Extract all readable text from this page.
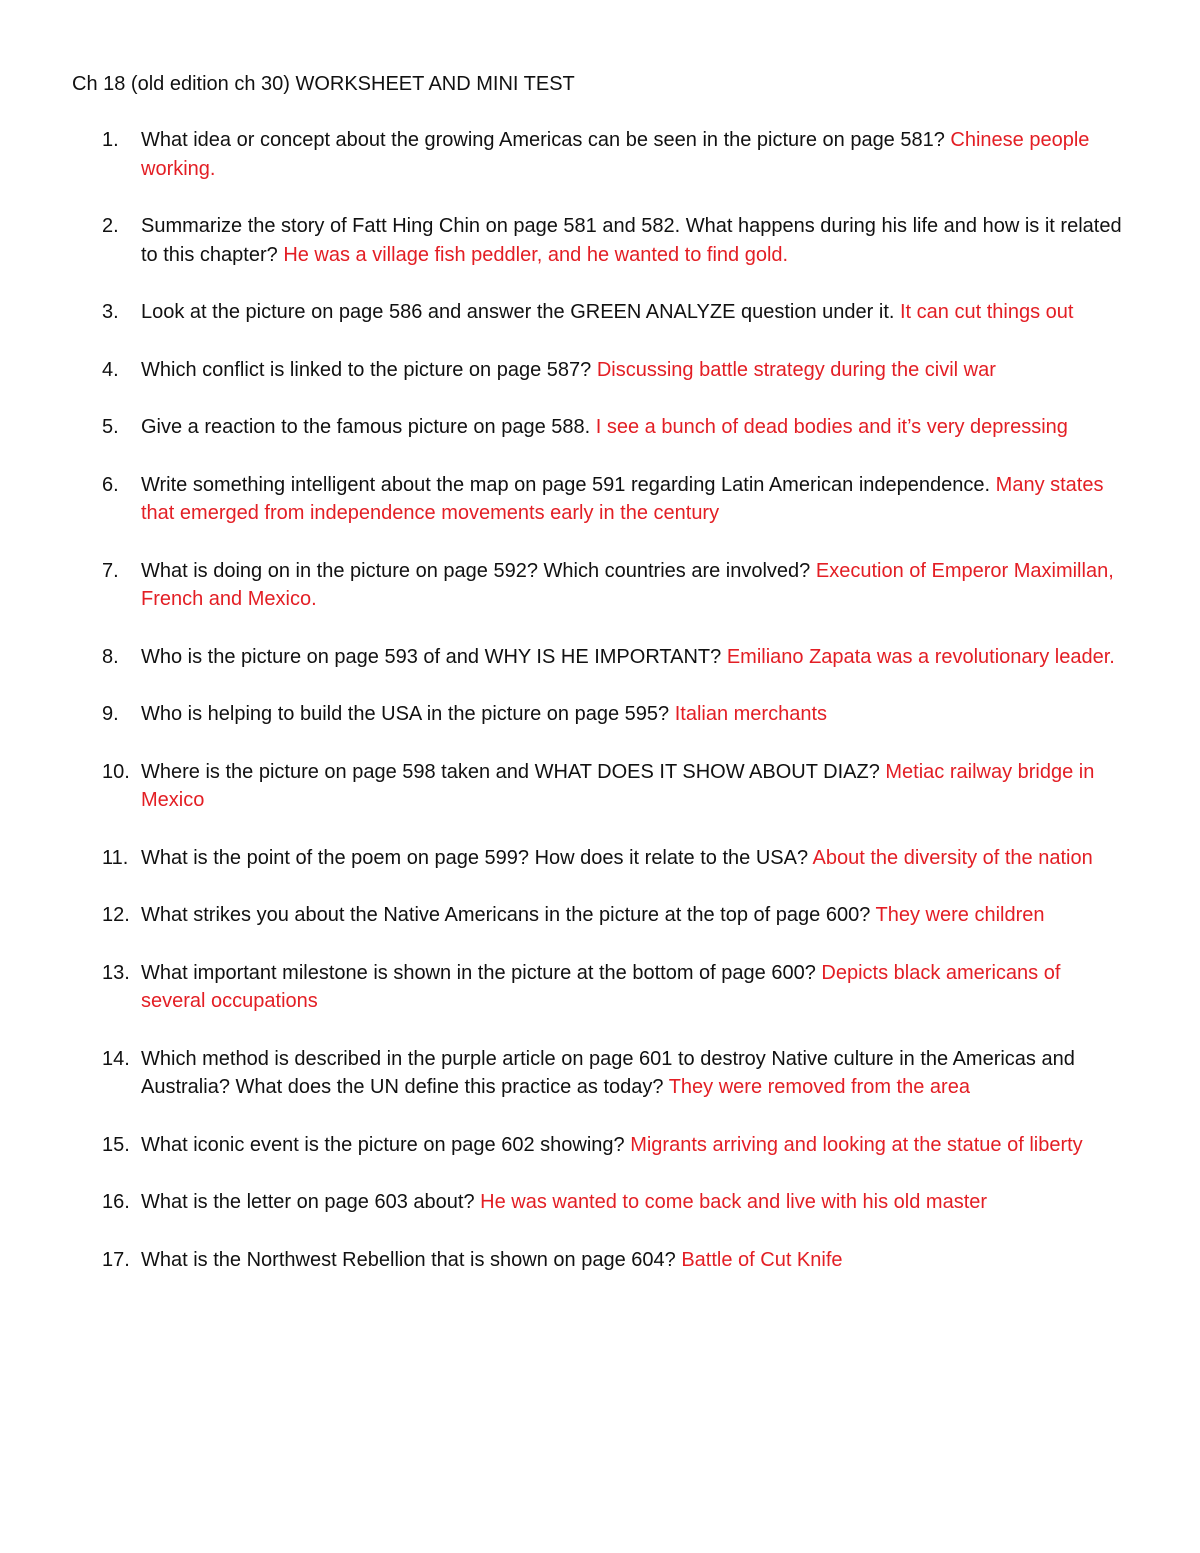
Ch 18 (old edition ch 30) WORKSHEET AND MINI TEST
1.	What idea or concept about the growing Americas can be seen in the picture on page 581? Chinese people working.
2.	Summarize the story of Fatt Hing Chin on page 581 and 582. What happens during his life and how is it related to this chapter? He was a village fish peddler, and he wanted to find gold.
3.	Look at the picture on page 586 and answer the GREEN ANALYZE question under it. It can cut things out
4.	Which conflict is linked to the picture on page 587? Discussing battle strategy during the civil war
5.	Give a reaction to the famous picture on page 588. I see a bunch of dead bodies and it’s very depressing
6.	Write something intelligent about the map on page 591 regarding Latin American independence. Many states that emerged from independence movements early in the century
7.	What is doing on in the picture on page 592? Which countries are involved? Execution of Emperor Maximillan, French and Mexico.
8.	Who is the picture on page 593 of and WHY IS HE IMPORTANT? Emiliano Zapata was a revolutionary leader.
9.	Who is helping to build the USA in the picture on page 595? Italian merchants
10. Where is the picture on page 598 taken and WHAT DOES IT SHOW ABOUT DIAZ? Metiac railway bridge in Mexico
11. What is the point of the poem on page 599? How does it relate to the USA? About the diversity of the nation
12. What strikes you about the Native Americans in the picture at the top of page 600? They were children
13. What important milestone is shown in the picture at the bottom of page 600? Depicts black americans of several occupations
14. Which method is described in the purple article on page 601 to destroy Native culture in the Americas and Australia? What does the UN define this practice as today? They were removed from the area
15. What iconic event is the picture on page 602 showing? Migrants arriving and looking at the statue of liberty
16. What is the letter on page 603 about? He was wanted to come back and live with his old master
17. What is the Northwest Rebellion that is shown on page 604? Battle of Cut Knife
